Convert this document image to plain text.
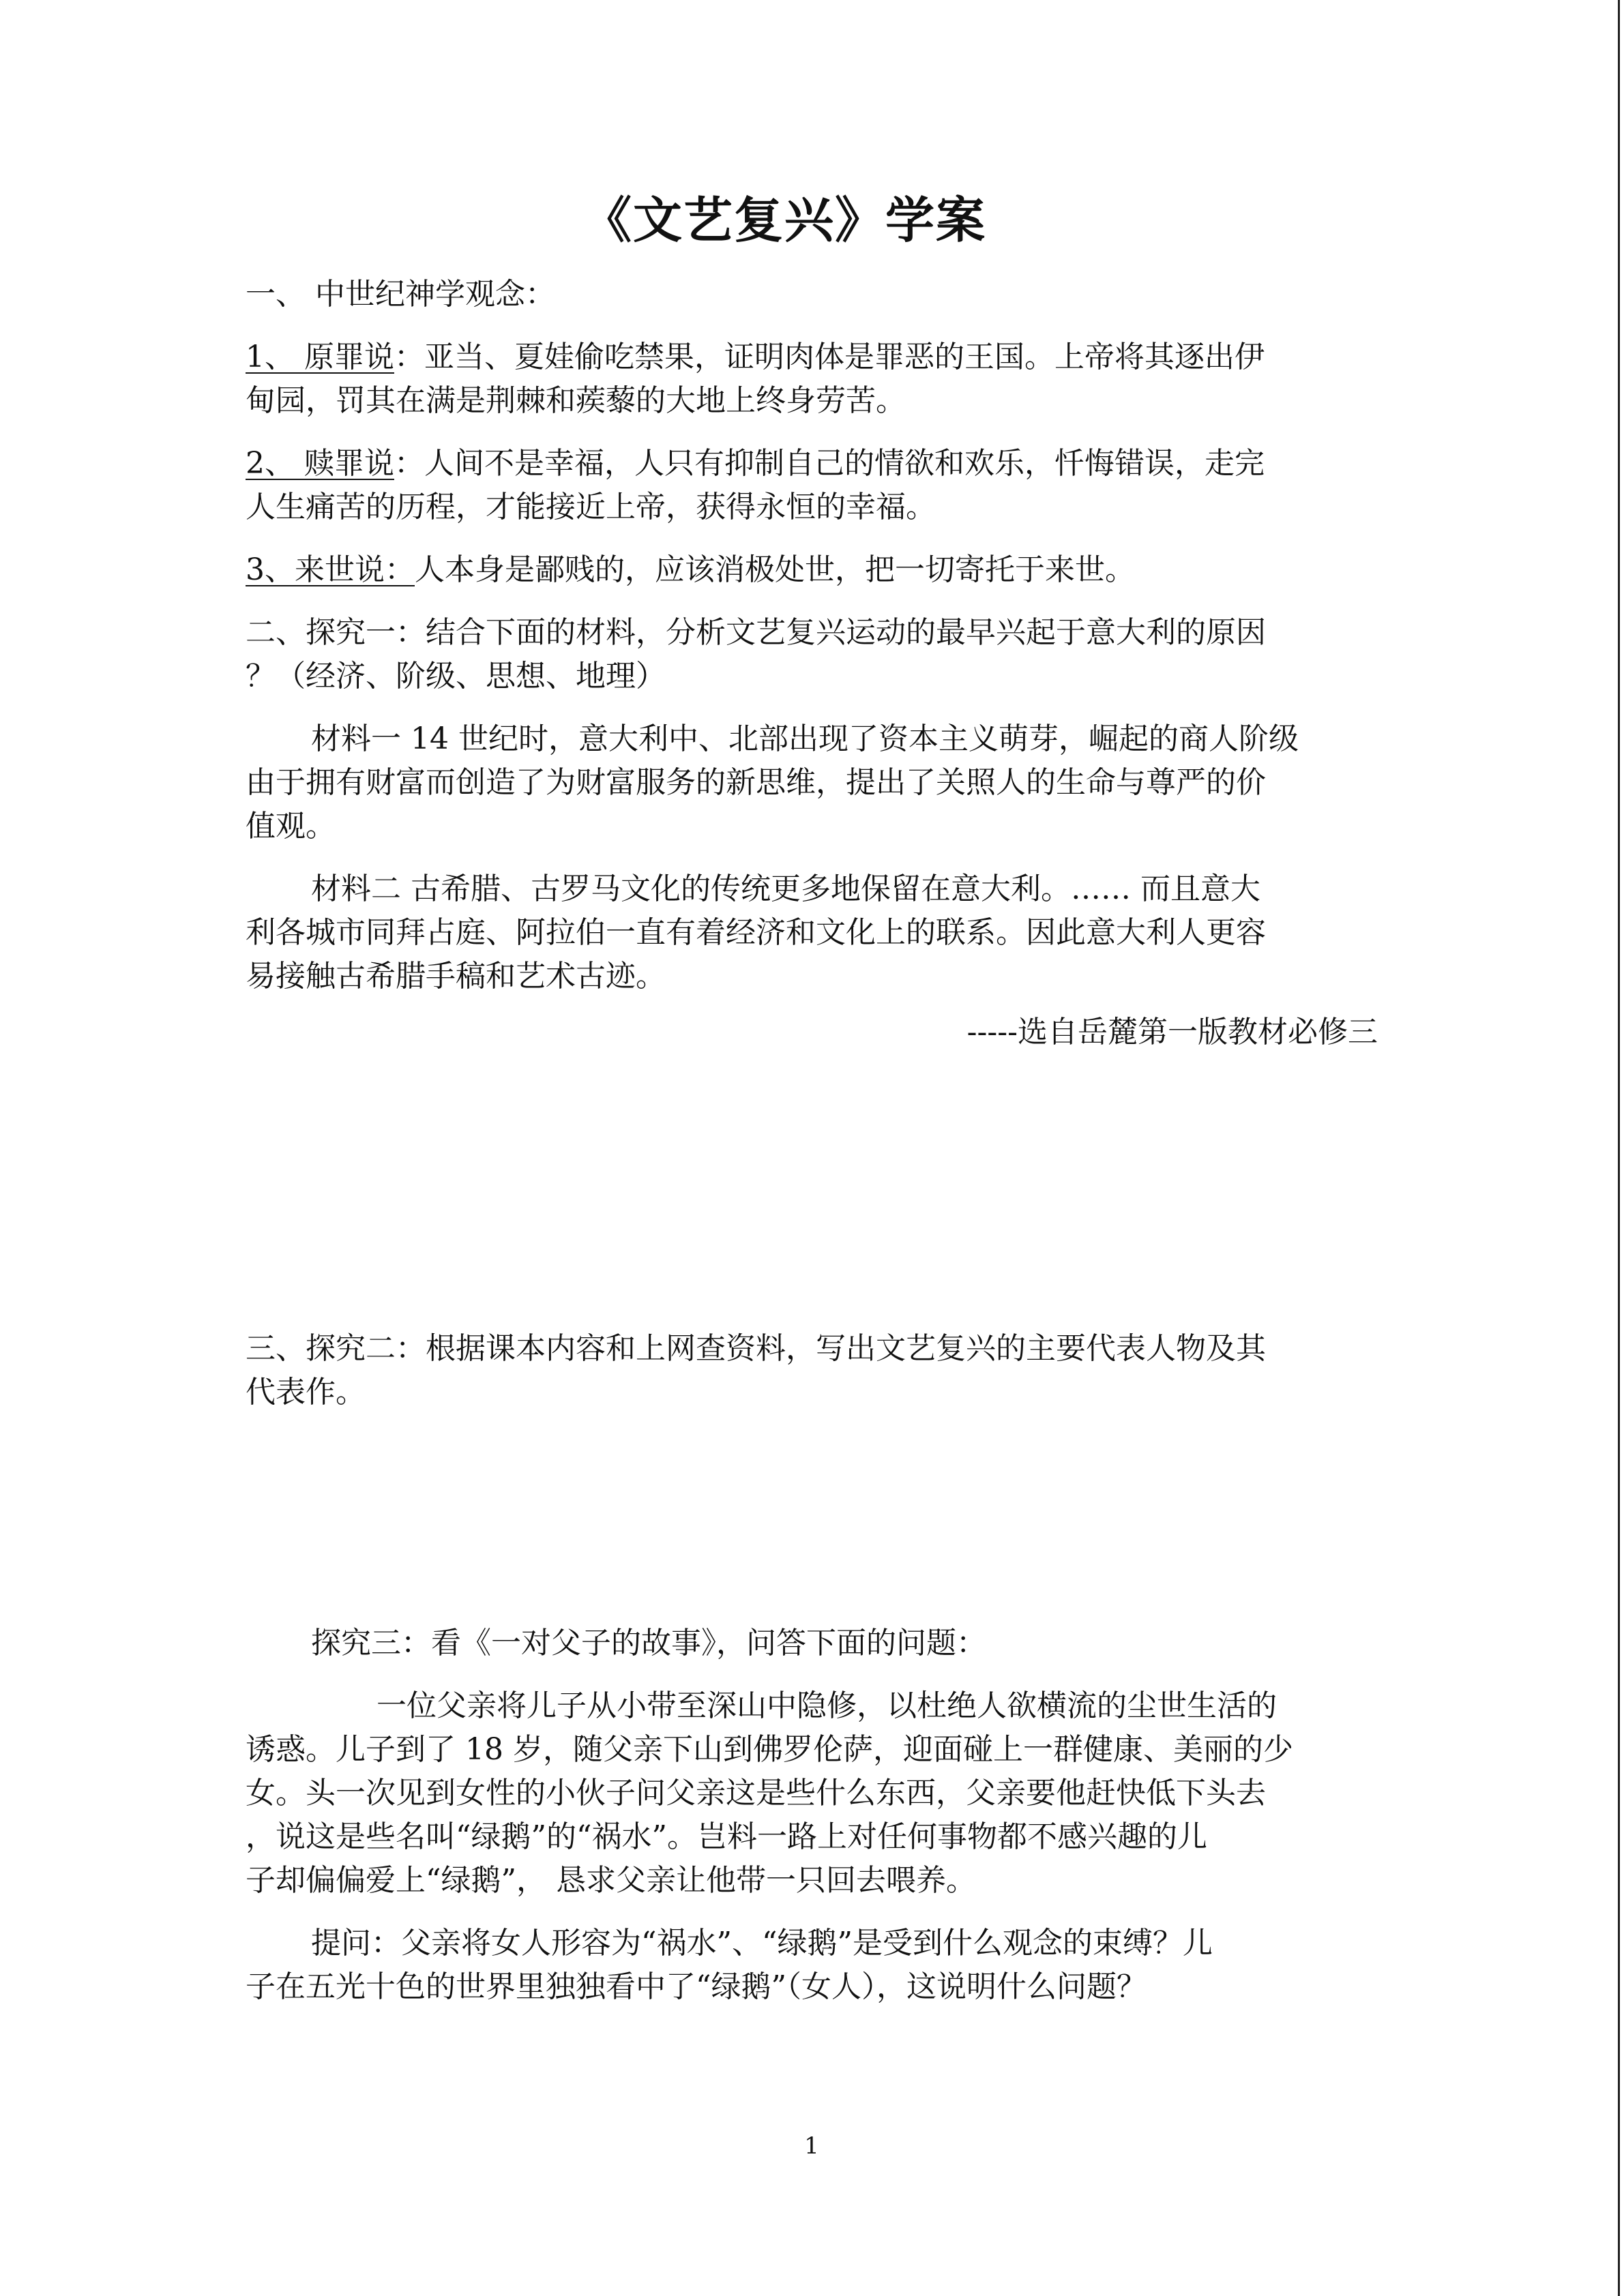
《文艺复兴》学案

一、 中世纪神学观念：

1、 原罪说：亚当、夏娃偷吃禁果，证明肉体是罪恶的王国。上帝将其逐出伊

甸园，罚其在满是荆棘和蒺藜的大地上终身劳苦。

2、 赎罪说：人间不是幸福，人只有抑制自己的情欲和欢乐，忏悔错误，走完

人生痛苦的历程，才能接近上帝，获得永恒的幸福。

3、来世说：人本身是鄙贱的，应该消极处世，把一切寄托于来世。

二、探究一：结合下面的材料，分析文艺复兴运动的最早兴起于意大利的原因

？（经济、阶级、思想、地理）

材料一 14 世纪时，意大利中、北部出现了资本主义萌芽，崛起的商人阶级

由于拥有财富而创造了为财富服务的新思维，提出了关照人的生命与尊严的价

值观。

材料二 古希腊、古罗马文化的传统更多地保留在意大利。…… 而且意大

利各城市同拜占庭、阿拉伯一直有着经济和文化上的联系。因此意大利人更容

易接触古希腊手稿和艺术古迹。

-----选自岳麓第一版教材必修三

三、探究二：根据课本内容和上网查资料，写出文艺复兴的主要代表人物及其

代表作。

探究三：看《一对父子的故事》，问答下面的问题：

一位父亲将儿子从小带至深山中隐修，以杜绝人欲横流的尘世生活的

诱惑。儿子到了 18 岁，随父亲下山到佛罗伦萨，迎面碰上一群健康、美丽的少

女。头一次见到女性的小伙子问父亲这是些什么东西，父亲要他赶快低下头去

，说这是些名叫“绿鹅”的“祸水”。岂料一路上对任何事物都不感兴趣的儿

子却偏偏爱上“绿鹅”， 恳求父亲让他带一只回去喂养。

提问：父亲将女人形容为“祸水”、“绿鹅”是受到什么观念的束缚？儿

子在五光十色的世界里独独看中了“绿鹅”（女人），这说明什么问题？

1
